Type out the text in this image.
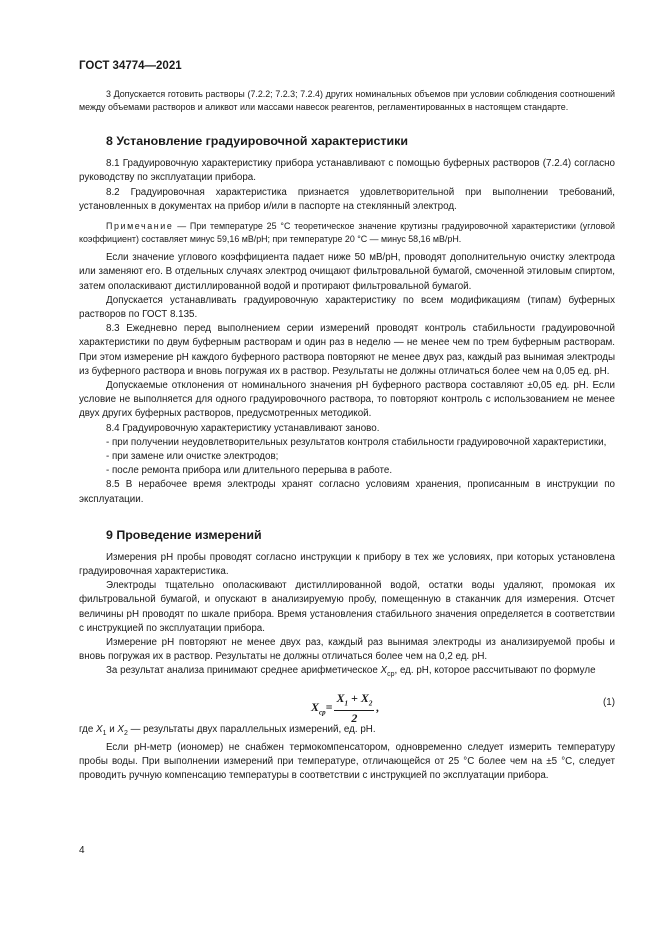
ГОСТ 34774—2021

3 Допускается готовить растворы (7.2.2; 7.2.3; 7.2.4) других номинальных объемов при условии соблюдения соотношений между объемами растворов и аликвот или массами навесок реагентов, регламентированных в настоящем стандарте.

8 Установление градуировочной характеристики

8.1 Градуировочную характеристику прибора устанавливают с помощью буферных растворов (7.2.4) согласно руководству по эксплуатации прибора.

8.2 Градуировочная характеристика признается удовлетворительной при выполнении требований, установленных в документах на прибор и/или в паспорте на стеклянный электрод.

Примечание — При температуре 25 °С теоретическое значение крутизны градуировочной характеристики (угловой коэффициент) составляет минус 59,16 мВ/рН; при температуре 20 °С — минус 58,16 мВ/рН.

Если значение углового коэффициента падает ниже 50 мВ/рН, проводят дополнительную очистку электрода или заменяют его. В отдельных случаях электрод очищают фильтровальной бумагой, смоченной этиловым спиртом, затем ополаскивают дистиллированной водой и протирают фильтровальной бумагой.

Допускается устанавливать градуировочную характеристику по всем модификациям (типам) буферных растворов по ГОСТ 8.135.

8.3 Ежедневно перед выполнением серии измерений проводят контроль стабильности градуировочной характеристики по двум буферным растворам и один раз в неделю — не менее чем по трем буферным растворам. При этом измерение рН каждого буферного раствора повторяют не менее двух раз, каждый раз вынимая электроды из буферного раствора и вновь погружая их в раствор. Результаты не должны отличаться более чем на 0,05 ед. рН.

Допускаемые отклонения от номинального значения рН буферного раствора составляют ±0,05 ед. рН. Если условие не выполняется для одного градуировочного раствора, то повторяют контроль с использованием не менее двух других буферных растворов, предусмотренных методикой.

8.4 Градуировочную характеристику устанавливают заново.

- при получении неудовлетворительных результатов контроля стабильности градуировочной характеристики,

- при замене или очистке электродов;

- после ремонта прибора или длительного перерыва в работе.

8.5 В нерабочее время электроды хранят согласно условиям хранения, прописанным в инструкции по эксплуатации.

9 Проведение измерений

Измерения рН пробы проводят согласно инструкции к прибору в тех же условиях, при которых установлена градуировочная характеристика.

Электроды тщательно ополаскивают дистиллированной водой, остатки воды удаляют, промокая их фильтровальной бумагой, и опускают в анализируемую пробу, помещенную в стаканчик для измерения. Отсчет величины рН проводят по шкале прибора. Время установления стабильного значения определяется в соответствии с инструкцией по эксплуатации прибора.

Измерение рН повторяют не менее двух раз, каждый раз вынимая электроды из анализируемой пробы и вновь погружая их в раствор. Результаты не должны отличаться более чем на 0,2 ед. рН.

За результат анализа принимают среднее арифметическое $X_{ср}$, ед. рН, которое рассчитывают по формуле

$X_{ср} = \frac{X_1 + X_2}{2}$ ,	(1)

где $X_1$ и $X_2$ — результаты двух параллельных измерений, ед. рН.

Если рН-метр (иономер) не снабжен термокомпенсатором, одновременно следует измерить температуру пробы воды. При выполнении измерений при температуре, отличающейся от 25 °С более чем на ±5 °С, следует проводить ручную компенсацию температуры в соответствии с инструкцией по эксплуатации прибора.

4
